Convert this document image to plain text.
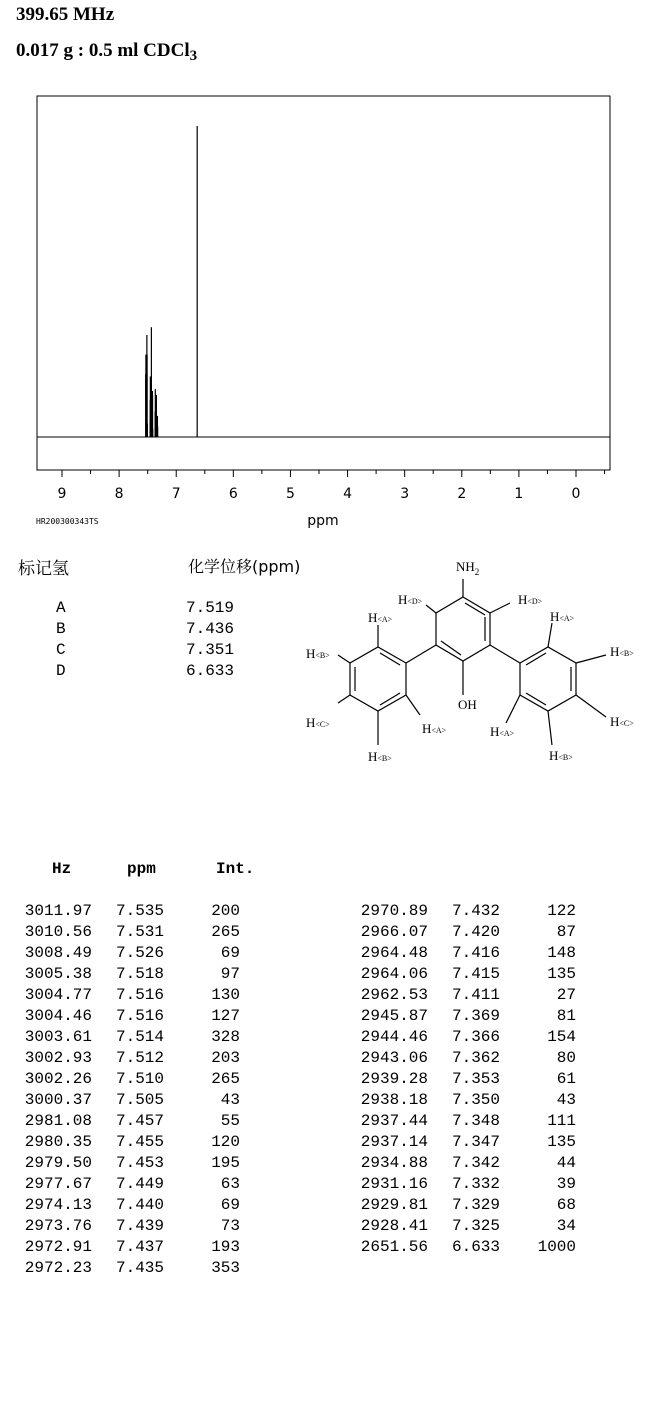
399.65 MHz
0.017 g : 0.5 ml CDCl$_3$
9	8	7	6	5	4	3	2	1	0
ppm
HR200300343TS
标记氢	化学位移(ppm)
A	7.519
B	7.436
C	7.351
D	6.633
$NH_2$
H<D>	H<D>
H<A>	H<A>
H<B>	H<B>
OH
H<C>	H<C>
H<A>	H<A>
H<B>	H<B>
Hz	ppm	Int.
3011.97	7.535	200
3010.56	7.531	265
3008.49	7.526	69
3005.38	7.518	97
3004.77	7.516	130
3004.46	7.516	127
3003.61	7.514	328
3002.93	7.512	203
3002.26	7.510	265
3000.37	7.505	43
2981.08	7.457	55
2980.35	7.455	120
2979.50	7.453	195
2977.67	7.449	63
2974.13	7.440	69
2973.76	7.439	73
2972.91	7.437	193
2972.23	7.435	353
2970.89	7.432	122
2966.07	7.420	87
2964.48	7.416	148
2964.06	7.415	135
2962.53	7.411	27
2945.87	7.369	81
2944.46	7.366	154
2943.06	7.362	80
2939.28	7.353	61
2938.18	7.350	43
2937.44	7.348	111
2937.14	7.347	135
2934.88	7.342	44
2931.16	7.332	39
2929.81	7.329	68
2928.41	7.325	34
2651.56	6.633	1000
